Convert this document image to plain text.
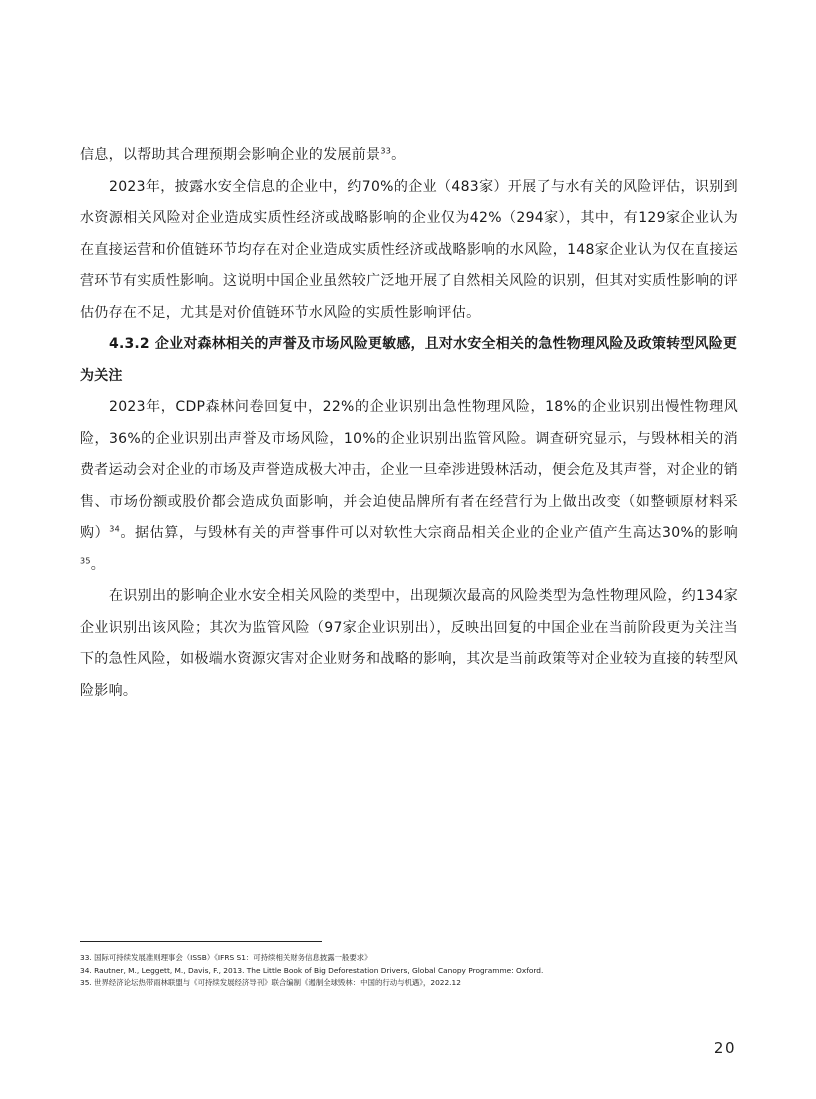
信息，以帮助其合理预期会影响企业的发展前景$^{33}$。

2023年，披露水安全信息的企业中，约70%的企业（483家）开展了与水有关的风险评估，识别到水资源相关风险对企业造成实质性经济或战略影响的企业仅为42%（294家），其中，有129家企业认为在直接运营和价值链环节均存在对企业造成实质性经济或战略影响的水风险，148家企业认为仅在直接运营环节有实质性影响。这说明中国企业虽然较广泛地开展了自然相关风险的识别，但其对实质性影响的评估仍存在不足，尤其是对价值链环节水风险的实质性影响评估。

4.3.2 企业对森林相关的声誉及市场风险更敏感，且对水安全相关的急性物理风险及政策转型风险更为关注

2023年，CDP森林问卷回复中，22%的企业识别出急性物理风险，18%的企业识别出慢性物理风险，36%的企业识别出声誉及市场风险，10%的企业识别出监管风险。调查研究显示，与毁林相关的消费者运动会对企业的市场及声誉造成极大冲击，企业一旦牵涉进毁林活动，便会危及其声誉，对企业的销售、市场份额或股价都会造成负面影响，并会迫使品牌所有者在经营行为上做出改变（如整顿原材料采购）$^{34}$。据估算，与毁林有关的声誉事件可以对软性大宗商品相关企业的企业产值产生高达30%的影响$^{35}$。

在识别出的影响企业水安全相关风险的类型中，出现频次最高的风险类型为急性物理风险，约134家企业识别出该风险；其次为监管风险（97家企业识别出），反映出回复的中国企业在当前阶段更为关注当下的急性风险，如极端水资源灾害对企业财务和战略的影响，其次是当前政策等对企业较为直接的转型风险影响。

33. 国际可持续发展准则理事会（ISSB）《IFRS S1：可持续相关财务信息披露一般要求》

34. Rautner, M., Leggett, M., Davis, F., 2013. The Little Book of Big Deforestation Drivers, Global Canopy Programme: Oxford.

35. 世界经济论坛热带雨林联盟与《可持续发展经济导刊》联合编制《遏制全球毁林：中国的行动与机遇》，2022.12

20
